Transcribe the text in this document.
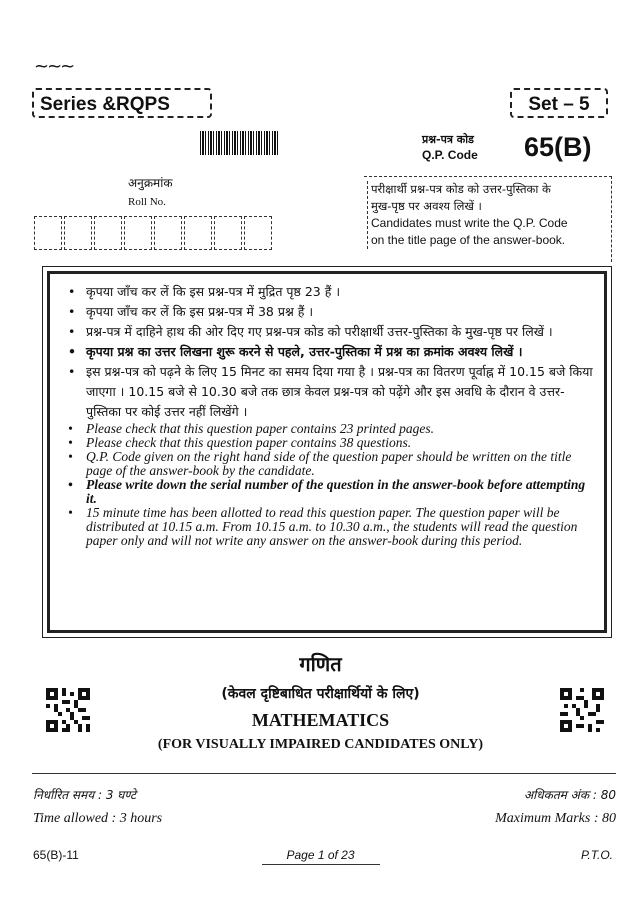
~~~
Series &RQPS	Set – 5
प्रश्न-पत्र कोड
Q.P. Code 65(B)
अनुक्रमांक
Roll No.
परीक्षार्थी प्रश्न-पत्र कोड को उत्तर-पुस्तिका के
मुख-पृष्ठ पर अवश्य लिखें ।
Candidates must write the Q.P. Code
on the title page of the answer-book.
• कृपया जाँच कर लें कि इस प्रश्न-पत्र में मुद्रित पृष्ठ 23 हैं ।
• कृपया जाँच कर लें कि इस प्रश्न-पत्र में 38 प्रश्न हैं ।
• प्रश्न-पत्र में दाहिने हाथ की ओर दिए गए प्रश्न-पत्र कोड को परीक्षार्थी उत्तर-पुस्तिका के मुख-पृष्ठ पर लिखें ।
• कृपया प्रश्न का उत्तर लिखना शुरू करने से पहले, उत्तर-पुस्तिका में प्रश्न का क्रमांक अवश्य लिखें ।
• इस प्रश्न-पत्र को पढ़ने के लिए 15 मिनट का समय दिया गया है । प्रश्न-पत्र का वितरण पूर्वाह्न में 10.15 बजे किया जाएगा । 10.15 बजे से 10.30 बजे तक छात्र केवल प्रश्न-पत्र को पढ़ेंगे और इस अवधि के दौरान वे उत्तर-पुस्तिका पर कोई उत्तर नहीं लिखेंगे ।
• Please check that this question paper contains 23 printed pages.
• Please check that this question paper contains 38 questions.
• Q.P. Code given on the right hand side of the question paper should be written on the title page of the answer-book by the candidate.
• Please write down the serial number of the question in the answer-book before attempting it.
• 15 minute time has been allotted to read this question paper. The question paper will be distributed at 10.15 a.m. From 10.15 a.m. to 10.30 a.m., the students will read the question paper only and will not write any answer on the answer-book during this period.
गणित
(केवल दृष्टिबाधित परीक्षार्थियों के लिए)
MATHEMATICS
(FOR VISUALLY IMPAIRED CANDIDATES ONLY)
निर्धारित समय : 3 घण्टे	अधिकतम अंक : 80
Time allowed : 3 hours	Maximum Marks : 80
65(B)-11	Page 1 of 23	P.T.O.
